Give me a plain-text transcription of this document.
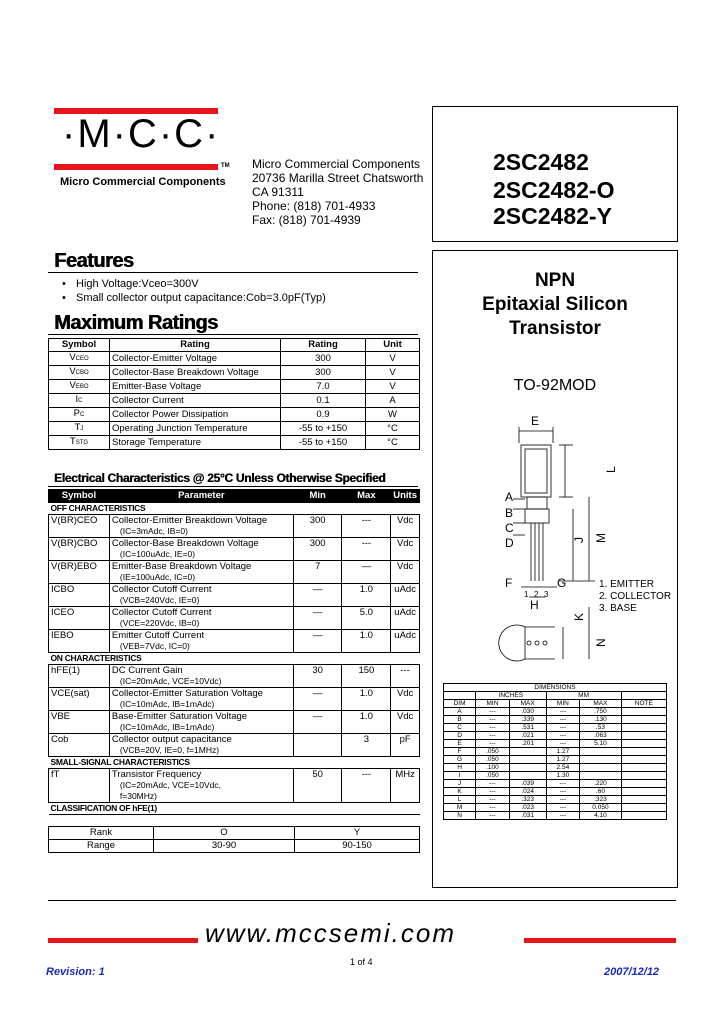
·M·C·C·
TM
Micro Commercial Components
Micro Commercial Components
20736 Marilla Street Chatsworth
CA 91311
Phone: (818) 701-4933
Fax: (818) 701-4939
2SC2482
2SC2482-O
2SC2482-Y
NPN
Epitaxial Silicon
Transistor
TO-92MOD
E
A
B
C
D
F	G
H
J
K
L
M
N
1 2 3
1. EMITTER
2. COLLECTOR
3. BASE
DIMENSIONS					
	INCHES		MM		
DIM	MIN	MAX	MIN	MAX	NOTE
A	---	.030	---	.750	
B	---	.339	---	.130	
C	---	.531	---	.53	
D	---	.021	---	.063	
E	---	.201	---	5.10	
F	.050		1.27		
G	.050		1.27		
H	.100		2.54		
I	.050		1.30		
J	---	.039	---	.220	
K	---	.024	---	.60	
L	---	.323	---	.323	
M	---	.023	---	0.050	
N	---	.031	---	4.10	
Features
• High Voltage:Vceo=300V
• Small collector output capacitance:Cob=3.0pF(Typ)
Maximum Ratings
Symbol	Rating	Rating	Unit
VCEO	Collector-Emitter Voltage	300	V
VCBO	Collector-Base Breakdown Voltage	300	V
VEBO	Emitter-Base Voltage	7.0	V
IC	Collector Current	0.1	A
PC	Collector Power Dissipation	0.9	W
TJ	Operating Junction Temperature	-55 to +150	°C
TSTG	Storage Temperature	-55 to +150	°C
Electrical Characteristics @ 25°C Unless Otherwise Specified
Symbol	Parameter	Min	Max	Units
OFF CHARACTERISTICS				
V(BR)CEO	Collector-Emitter Breakdown Voltage
(IC=3mAdc, IB=0)	300	---	Vdc
V(BR)CBO	Collector-Base Breakdown Voltage
(IC=100uAdc, IE=0)	300	---	Vdc
V(BR)EBO	Emitter-Base Breakdown Voltage
(IE=100uAdc, IC=0)	7	—	Vdc
ICBO	Collector Cutoff Current
(VCB=240Vdc, IE=0)	—	1.0	uAdc
ICEO	Collector Cutoff Current
(VCE=220Vdc, IB=0)	—	5.0	uAdc
IEBO	Emitter Cutoff Current
(VEB=7Vdc, IC=0)	—	1.0	uAdc
ON CHARACTERISTICS				
hFE(1)	DC Current Gain
(IC=20mAdc, VCE=10Vdc)	30	150	---
VCE(sat)	Collector-Emitter Saturation Voltage
(IC=10mAdc, IB=1mAdc)	—	1.0	Vdc
VBE	Base-Emitter Saturation Voltage
(IC=10mAdc, IB=1mAdc)	—	1.0	Vdc
Cob	Collector output capacitance
(VCB=20V, IE=0, f=1MHz)		3	pF
SMALL-SIGNAL CHARACTERISTICS				
fT	Transistor Frequency
(IC=20mAdc, VCE=10Vdc,
f=30MHz)	50	---	MHz
CLASSIFICATION OF hFE(1)				
Rank	O	Y
Range	30-90	90-150
www.mccsemi.com
1 of 4
Revision: 1	2007/12/12
